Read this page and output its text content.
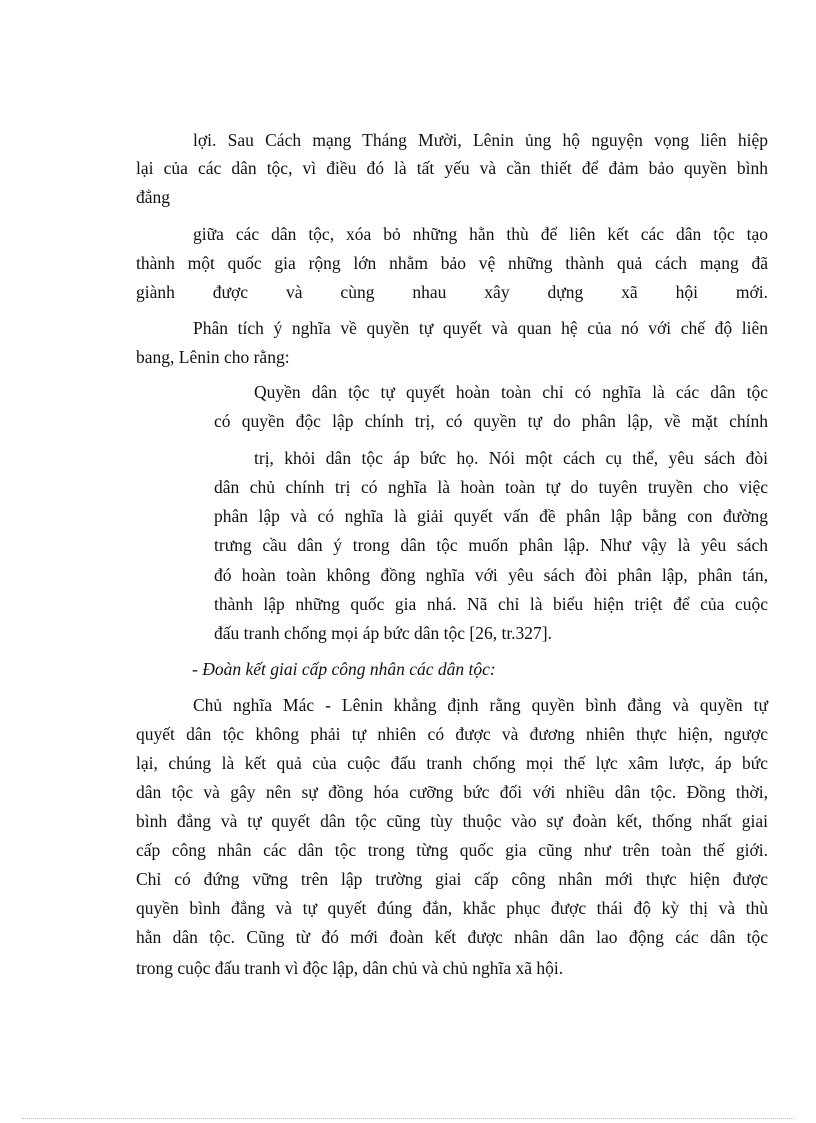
lợi. Sau Cách mạng Tháng Mười, Lênin ủng hộ nguyện vọng liên hiệp
lại của các dân tộc, vì điều đó là tất yếu và cần thiết để đảm bảo quyền bình
đẳng
giữa các dân tộc, xóa bỏ những hằn thù để liên kết các dân tộc tạo
thành một quốc gia rộng lớn nhằm bảo vệ những thành quả cách mạng đã
giành được và cùng nhau xây dựng xã hội mới.
Phân tích ý nghĩa về quyền tự quyết và quan hệ của nó với chế độ liên
bang, Lênin cho rằng:
Quyền dân tộc tự quyết hoàn toàn chỉ có nghĩa là các dân tộc
có quyền độc lập chính trị, có quyền tự do phân lập, về mặt chính
trị, khỏi dân tộc áp bức họ. Nói một cách cụ thể, yêu sách đòi
dân chủ chính trị có nghĩa là hoàn toàn tự do tuyên truyền cho việc
phân lập và có nghĩa là giải quyết vấn đề phân lập bằng con đường
trưng cầu dân ý trong dân tộc muốn phân lập. Như vậy là yêu sách
đó hoàn toàn không đồng nghĩa với yêu sách đòi phân lập, phân tán,
thành lập những quốc gia nhá. Nã chỉ là biểu hiện triệt để của cuộc
đấu tranh chống mọi áp bức dân tộc [26, tr.327].
- Đoàn kết giai cấp công nhân các dân tộc:
Chủ nghĩa Mác - Lênin khẳng định rằng quyền bình đẳng và quyền tự
quyết dân tộc không phải tự nhiên có được và đương nhiên thực hiện, ngược
lại, chúng là kết quả của cuộc đấu tranh chống mọi thế lực xâm lược, áp bức
dân tộc và gây nên sự đồng hóa cưỡng bức đối với nhiều dân tộc. Đồng thời,
bình đẳng và tự quyết dân tộc cũng tùy thuộc vào sự đoàn kết, thống nhất giai
cấp công nhân các dân tộc trong từng quốc gia cũng như trên toàn thế giới.
Chỉ có đứng vững trên lập trường giai cấp công nhân mới thực hiện được
quyền bình đẳng và tự quyết đúng đắn, khắc phục được thái độ kỳ thị và thù
hằn dân tộc. Cũng từ đó mới đoàn kết được nhân dân lao động các dân tộc
trong cuộc đấu tranh vì độc lập, dân chủ và chủ nghĩa xã hội.
